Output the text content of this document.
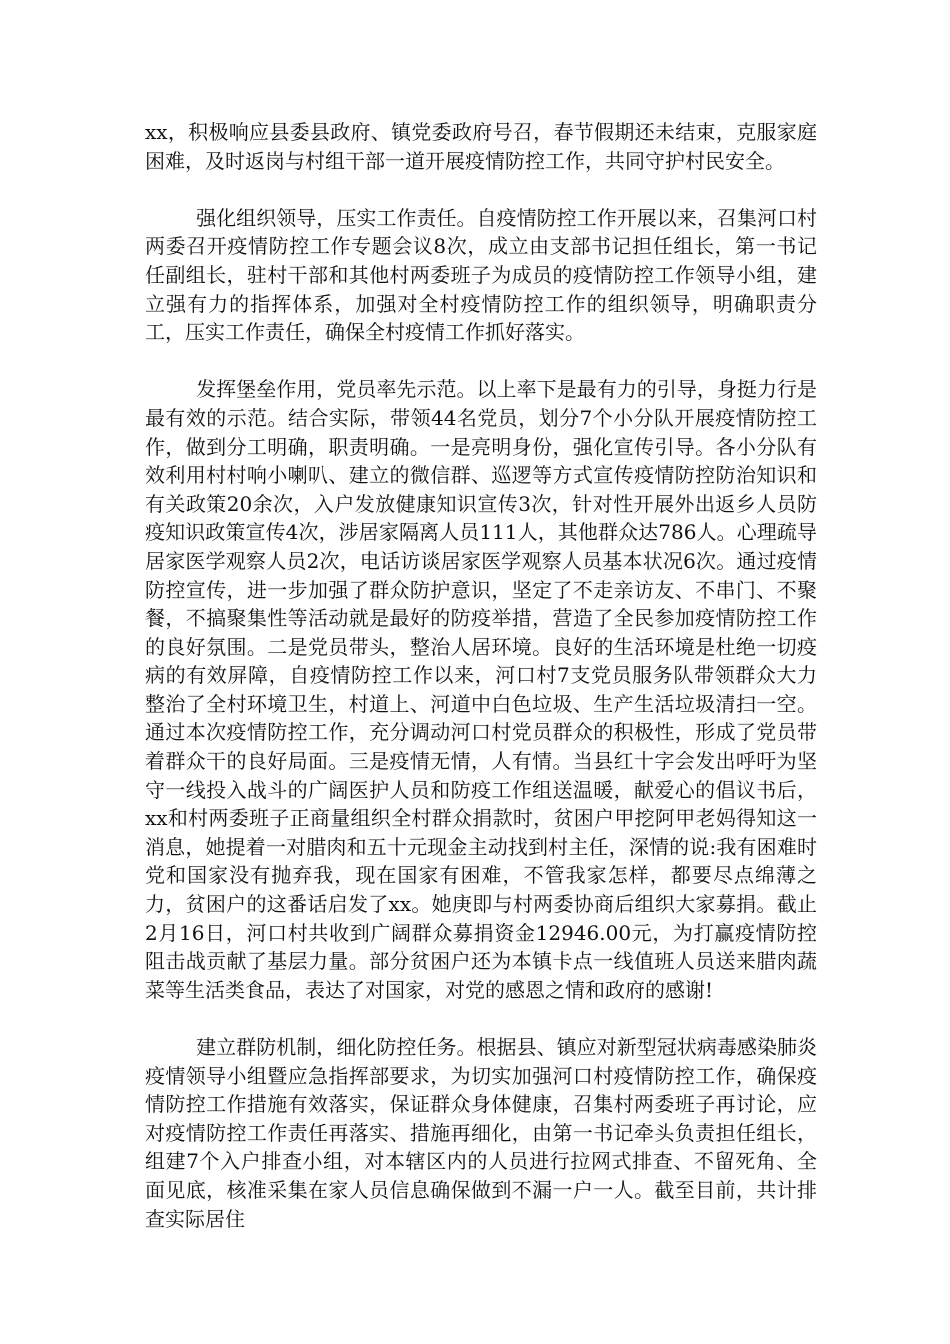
xx，积极响应县委县政府、镇党委政府号召，春节假期还未结束，克服家庭困难，及时返岗与村组干部一道开展疫情防控工作，共同守护村民安全。

强化组织领导，压实工作责任。自疫情防控工作开展以来，召集河口村两委召开疫情防控工作专题会议8次，成立由支部书记担任组长，第一书记任副组长，驻村干部和其他村两委班子为成员的疫情防控工作领导小组，建立强有力的指挥体系，加强对全村疫情防控工作的组织领导，明确职责分工，压实工作责任，确保全村疫情工作抓好落实。

发挥堡垒作用，党员率先示范。以上率下是最有力的引导，身挺力行是最有效的示范。结合实际，带领44名党员，划分7个小分队开展疫情防控工作，做到分工明确，职责明确。一是亮明身份，强化宣传引导。各小分队有效利用村村响小喇叭、建立的微信群、巡逻等方式宣传疫情防控防治知识和有关政策20余次，入户发放健康知识宣传3次，针对性开展外出返乡人员防疫知识政策宣传4次，涉居家隔离人员111人，其他群众达786人。心理疏导居家医学观察人员2次，电话访谈居家医学观察人员基本状况6次。通过疫情防控宣传，进一步加强了群众防护意识，坚定了不走亲访友、不串门、不聚餐，不搞聚集性等活动就是最好的防疫举措，营造了全民参加疫情防控工作的良好氛围。二是党员带头，整治人居环境。良好的生活环境是杜绝一切疫病的有效屏障，自疫情防控工作以来，河口村7支党员服务队带领群众大力整治了全村环境卫生，村道上、河道中白色垃圾、生产生活垃圾清扫一空。通过本次疫情防控工作，充分调动河口村党员群众的积极性，形成了党员带着群众干的良好局面。三是疫情无情，人有情。当县红十字会发出呼吁为坚守一线投入战斗的广阔医护人员和防疫工作组送温暖，献爱心的倡议书后，xx和村两委班子正商量组织全村群众捐款时，贫困户甲挖阿甲老妈得知这一消息，她提着一对腊肉和五十元现金主动找到村主任，深情的说:我有困难时党和国家没有抛弃我，现在国家有困难，不管我家怎样，都要尽点绵薄之力，贫困户的这番话启发了xx。她庚即与村两委协商后组织大家募捐。截止2月16日，河口村共收到广阔群众募捐资金12946.00元，为打赢疫情防控阻击战贡献了基层力量。部分贫困户还为本镇卡点一线值班人员送来腊肉蔬菜等生活类食品，表达了对国家，对党的感恩之情和政府的感谢!

建立群防机制，细化防控任务。根据县、镇应对新型冠状病毒感染肺炎疫情领导小组暨应急指挥部要求，为切实加强河口村疫情防控工作，确保疫情防控工作措施有效落实，保证群众身体健康，召集村两委班子再讨论，应对疫情防控工作责任再落实、措施再细化，由第一书记牵头负责担任组长，组建7个入户排查小组，对本辖区内的人员进行拉网式排查、不留死角、全面见底，核准采集在家人员信息确保做到不漏一户一人。截至目前，共计排查实际居住
